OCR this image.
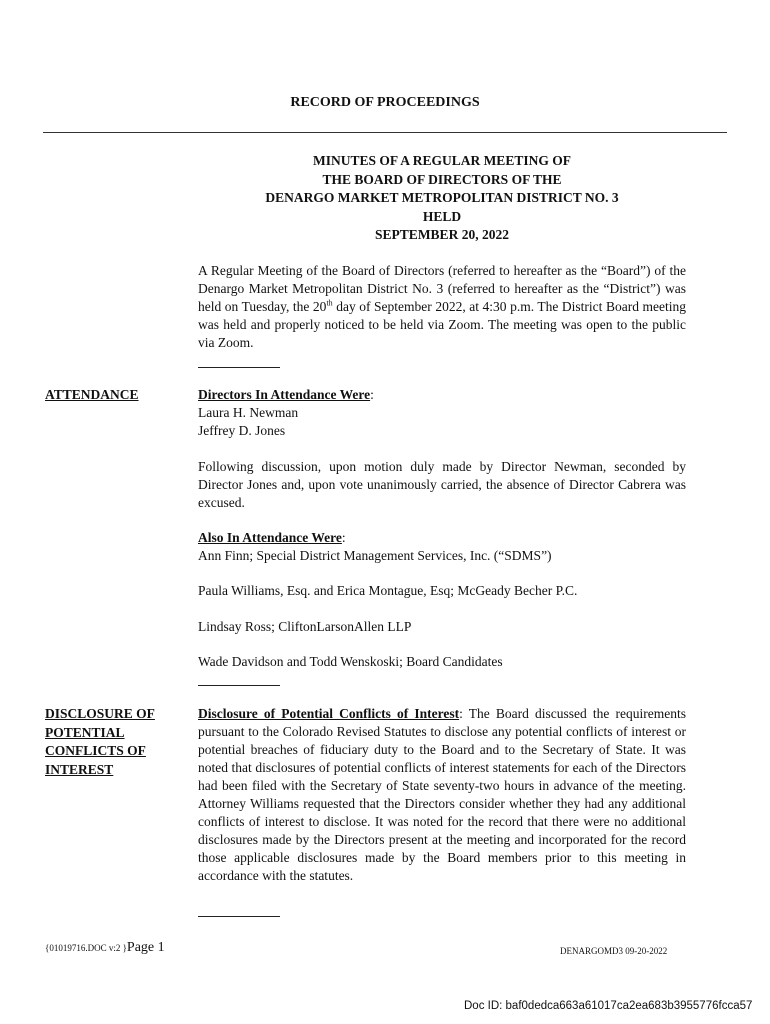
RECORD OF PROCEEDINGS
MINUTES OF A REGULAR MEETING OF
THE BOARD OF DIRECTORS OF THE
DENARGO MARKET METROPOLITAN DISTRICT NO. 3
HELD
SEPTEMBER 20, 2022

A Regular Meeting of the Board of Directors (referred to hereafter as the “Board”) of the Denargo Market Metropolitan District No. 3 (referred to hereafter as the “District”) was held on Tuesday, the 20th day of September 2022, at 4:30 p.m. The District Board meeting was held and properly noticed to be held via Zoom. The meeting was open to the public via Zoom.

ATTENDANCE	Directors In Attendance Were:
Laura H. Newman
Jeffrey D. Jones

Following discussion, upon motion duly made by Director Newman, seconded by Director Jones and, upon vote unanimously carried, the absence of Director Cabrera was excused.

Also In Attendance Were:
Ann Finn; Special District Management Services, Inc. (“SDMS”)
Paula Williams, Esq. and Erica Montague, Esq; McGeady Becher P.C.
Lindsay Ross; CliftonLarsonAllen LLP
Wade Davidson and Todd Wenskoski; Board Candidates
DISCLOSURE OF
POTENTIAL
CONFLICTS OF
INTEREST

Disclosure of Potential Conflicts of Interest: The Board discussed the requirements pursuant to the Colorado Revised Statutes to disclose any potential conflicts of interest or potential breaches of fiduciary duty to the Board and to the Secretary of State. It was noted that disclosures of potential conflicts of interest statements for each of the Directors had been filed with the Secretary of State seventy-two hours in advance of the meeting. Attorney Williams requested that the Directors consider whether they had any additional conflicts of interest to disclose. It was noted for the record that there were no additional disclosures made by the Directors present at the meeting and incorporated for the record those applicable disclosures made by the Board members prior to this meeting in accordance with the statutes.

{01019716.DOC v:2 }Page 1	DENARGOMD3 09-20-2022
Doc ID: baf0dedca663a61017ca2ea683b3955776fcca57
